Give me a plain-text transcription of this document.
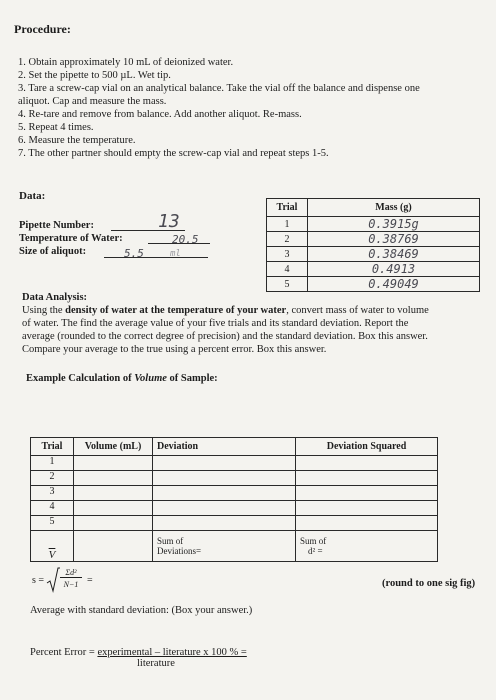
Procedure:
1. Obtain approximately 10 mL of deionized water.
2. Set the pipette to 500 µL. Wet tip.
3. Tare a screw-cap vial on an analytical balance. Take the vial off the balance and dispense one
aliquot. Cap and measure the mass.
4. Re-tare and remove from balance. Add another aliquot. Re-mass.
5. Repeat 4 times.
6. Measure the temperature.
7. The other partner should empty the screw-cap vial and repeat steps 1-5.
Data:
Pipette Number:	13
Temperature of Water:	20.5
Size of aliquot:	5.5	ml
Trial	Mass (g)
1	0.3915g
2	0.38769
3	0.38469
4	0.4913
5	0.49049
Data Analysis:
Using the density of water at the temperature of your water, convert mass of water to volume
of water. The find the average value of your five trials and its standard deviation. Report the
average (rounded to the correct degree of precision) and the standard deviation. Box this answer.
Compare your average to the true using a percent error. Box this answer.
Example Calculation of Volume of Sample:
Trial	Volume (mL)	Deviation	Deviation Squared
1			
2			
3			
4			
5			
$\overline{V}$		Sum of Deviations=	Sum of
d² =
s =
Σd²
N−1 =	(round to one sig fig)
Average with standard deviation: (Box your answer.)
Percent Error = experimental – literature x 100 % =
literature
